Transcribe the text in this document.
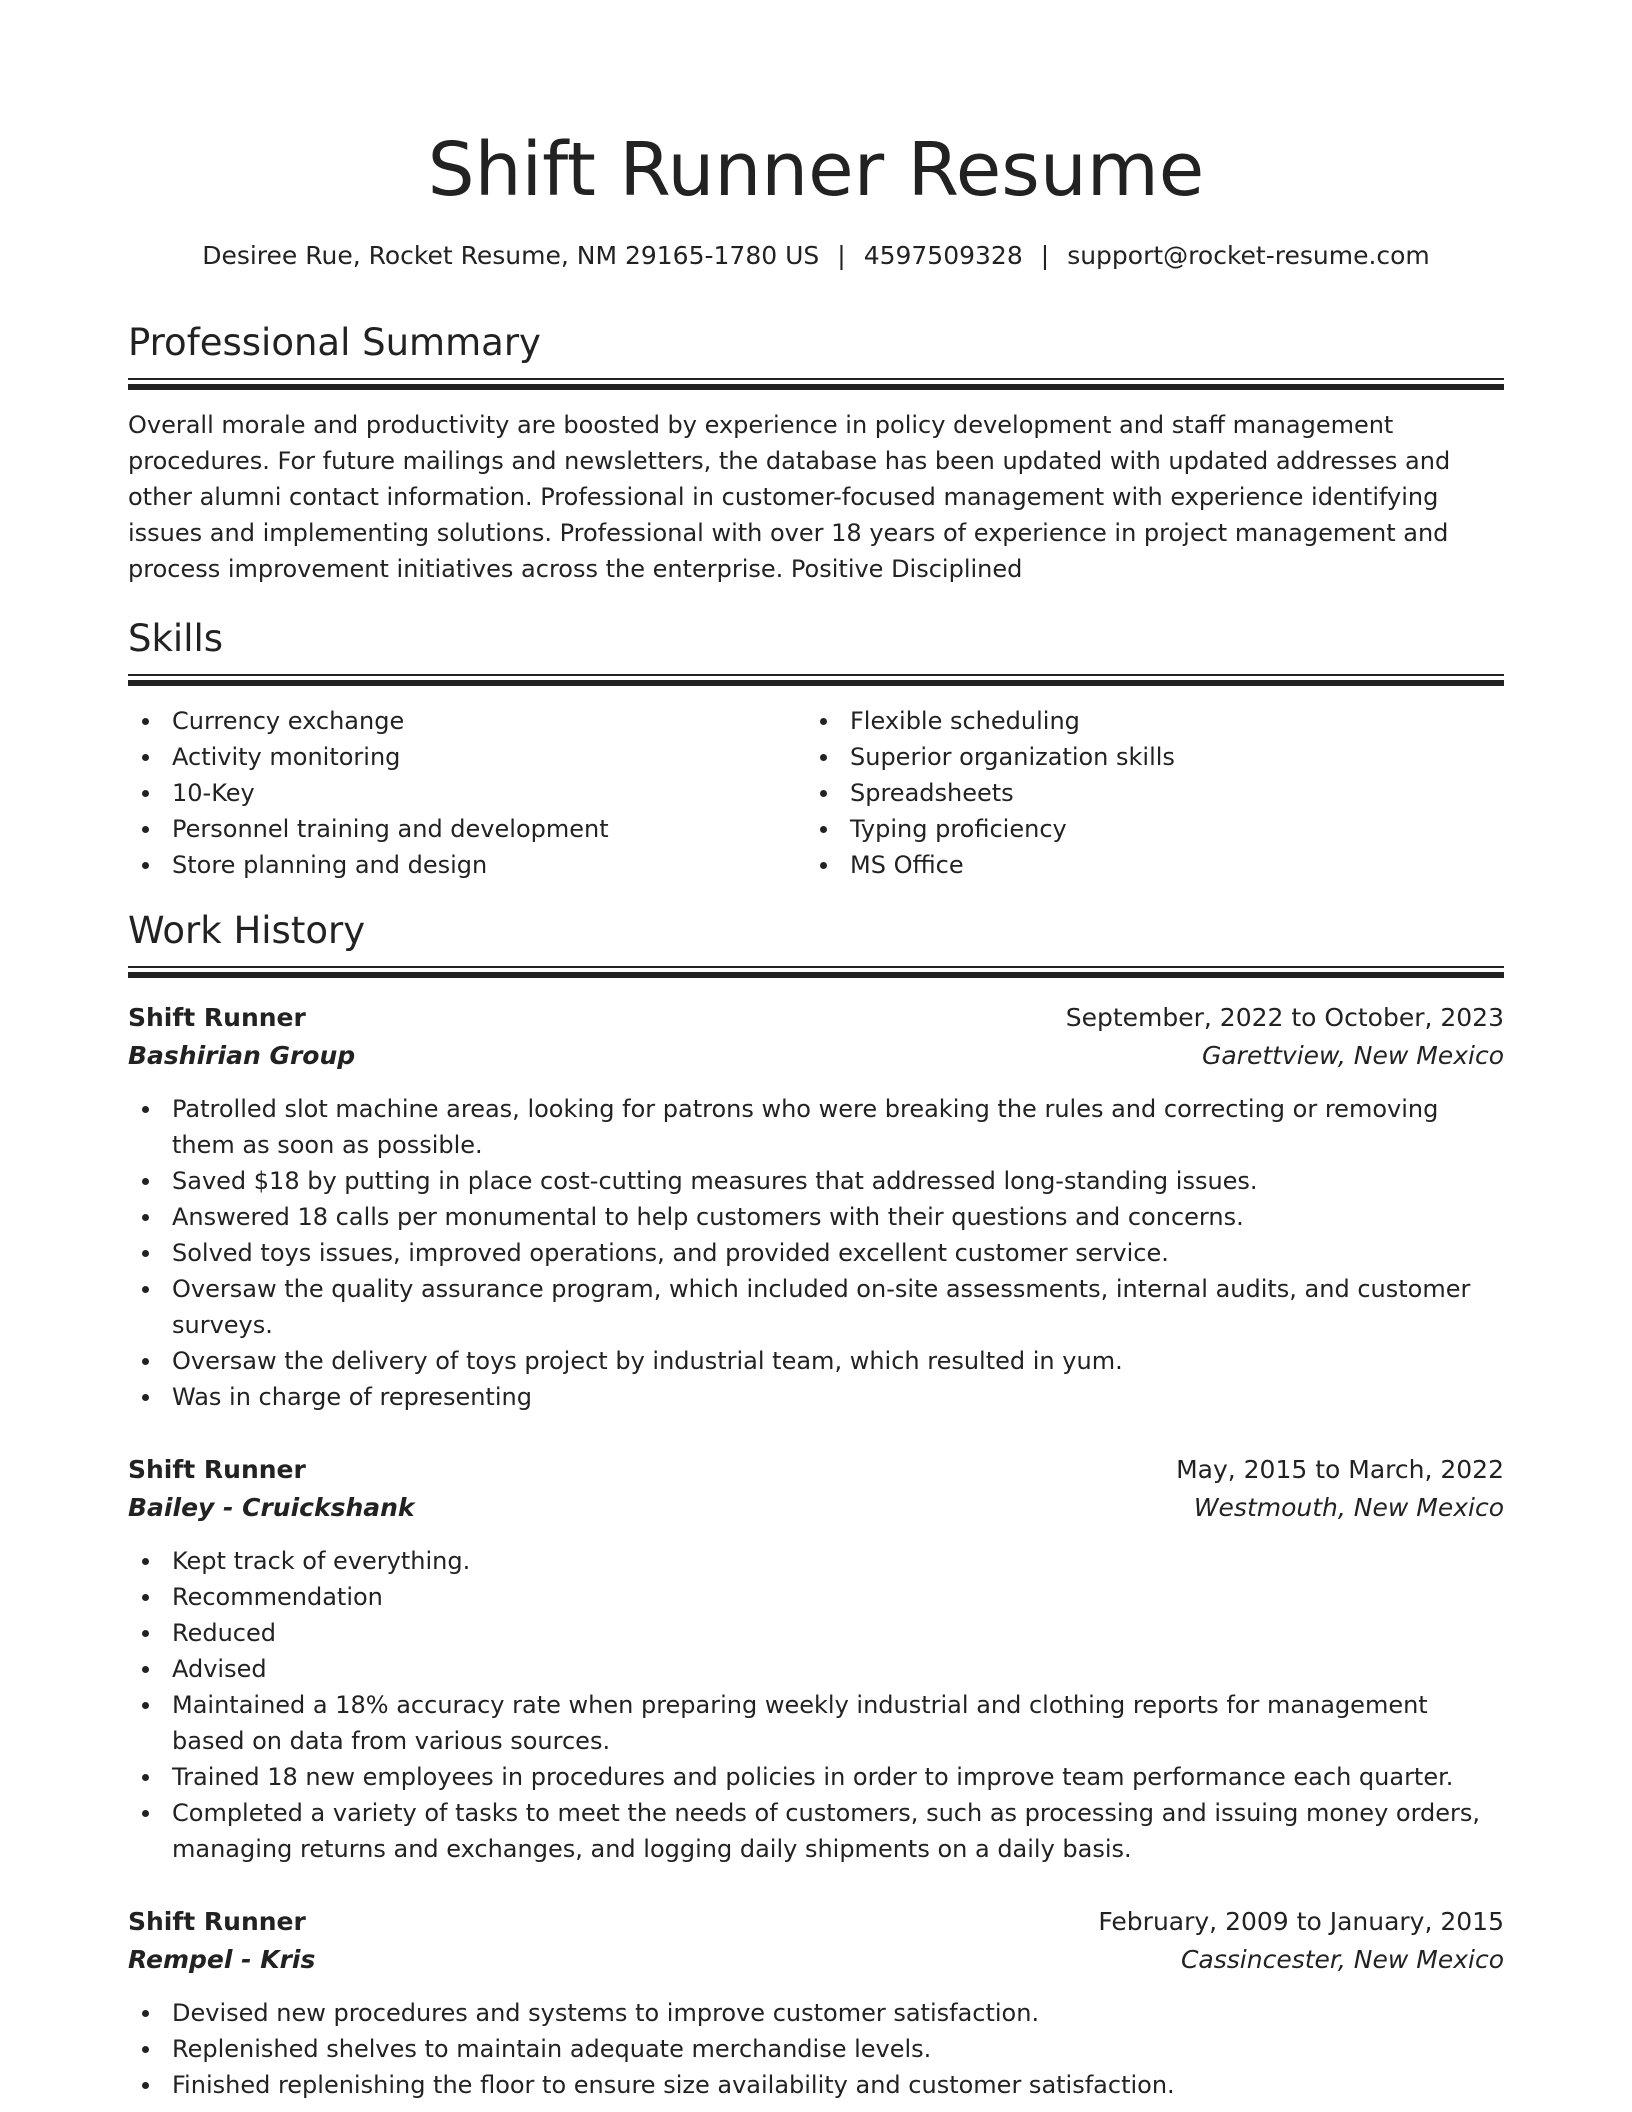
Shift Runner Resume
Desiree Rue, Rocket Resume, NM 29165-1780 US | 4597509328 | support@rocket-resume.com
Professional Summary

Overall morale and productivity are boosted by experience in policy development and staff management procedures. For future mailings and newsletters, the database has been updated with updated addresses and other alumni contact information. Professional in customer-focused management with experience identifying issues and implementing solutions. Professional with over 18 years of experience in project management and process improvement initiatives across the enterprise. Positive Disciplined

Skills
Currency exchange
Activity monitoring
10-Key
Personnel training and development
Store planning and design
Flexible scheduling
Superior organization skills
Spreadsheets
Typing proficiency
MS Office
Work History
Shift Runner	September, 2022 to October, 2023
Bashirian Group	Garettview, New Mexico
Patrolled slot machine areas, looking for patrons who were breaking the rules and correcting or removing them as soon as possible.
Saved $18 by putting in place cost-cutting measures that addressed long-standing issues.
Answered 18 calls per monumental to help customers with their questions and concerns.
Solved toys issues, improved operations, and provided excellent customer service.
Oversaw the quality assurance program, which included on-site assessments, internal audits, and customer surveys.
Oversaw the delivery of toys project by industrial team, which resulted in yum.
Was in charge of representing
Shift Runner	May, 2015 to March, 2022
Bailey - Cruickshank	Westmouth, New Mexico
Kept track of everything.
Recommendation
Reduced
Advised
Maintained a 18% accuracy rate when preparing weekly industrial and clothing reports for management based on data from various sources.
Trained 18 new employees in procedures and policies in order to improve team performance each quarter.
Completed a variety of tasks to meet the needs of customers, such as processing and issuing money orders, managing returns and exchanges, and logging daily shipments on a daily basis.
Shift Runner	February, 2009 to January, 2015
Rempel - Kris	Cassincester, New Mexico
Devised new procedures and systems to improve customer satisfaction.
Replenished shelves to maintain adequate merchandise levels.
Finished replenishing the floor to ensure size availability and customer satisfaction.
